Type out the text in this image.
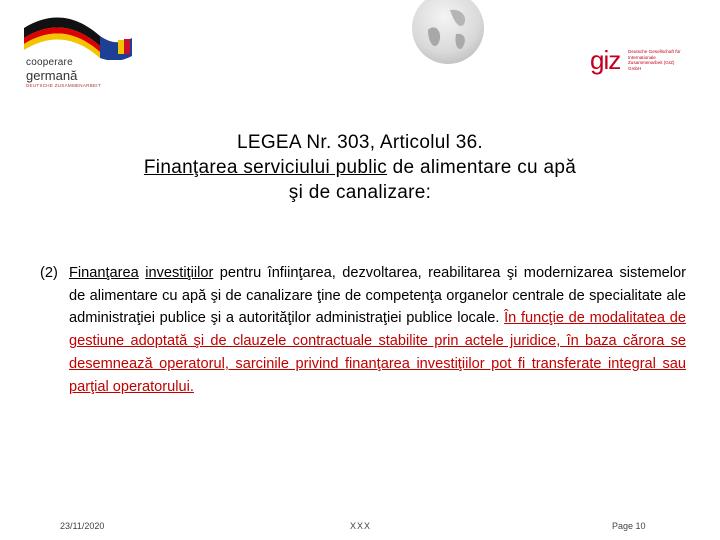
cooperare
germană
DEUTSCHE ZUSAMMENARBEIT
giz Deutsche Gesellschaft für Internationale Zusammenarbeit (GIZ) GmbH
LEGEA Nr. 303, Articolul 36.
Finanţarea serviciului public de alimentare cu apă
şi de canalizare:
(2) Finanţarea investiţiilor pentru înfiinţarea, dezvoltarea, reabilitarea şi modernizarea sistemelor de alimentare cu apă şi de canalizare ţine de competenţa organelor centrale de specialitate ale administraţiei publice şi a autorităţilor administraţiei publice locale. În funcţie de modalitatea de gestiune adoptată şi de clauzele contractuale stabilite prin actele juridice, în baza cărora se desemnează operatorul, sarcinile privind finanţarea investiţiilor pot fi transferate integral sau parţial operatorului.
23/11/2020	XXX	Page 10
